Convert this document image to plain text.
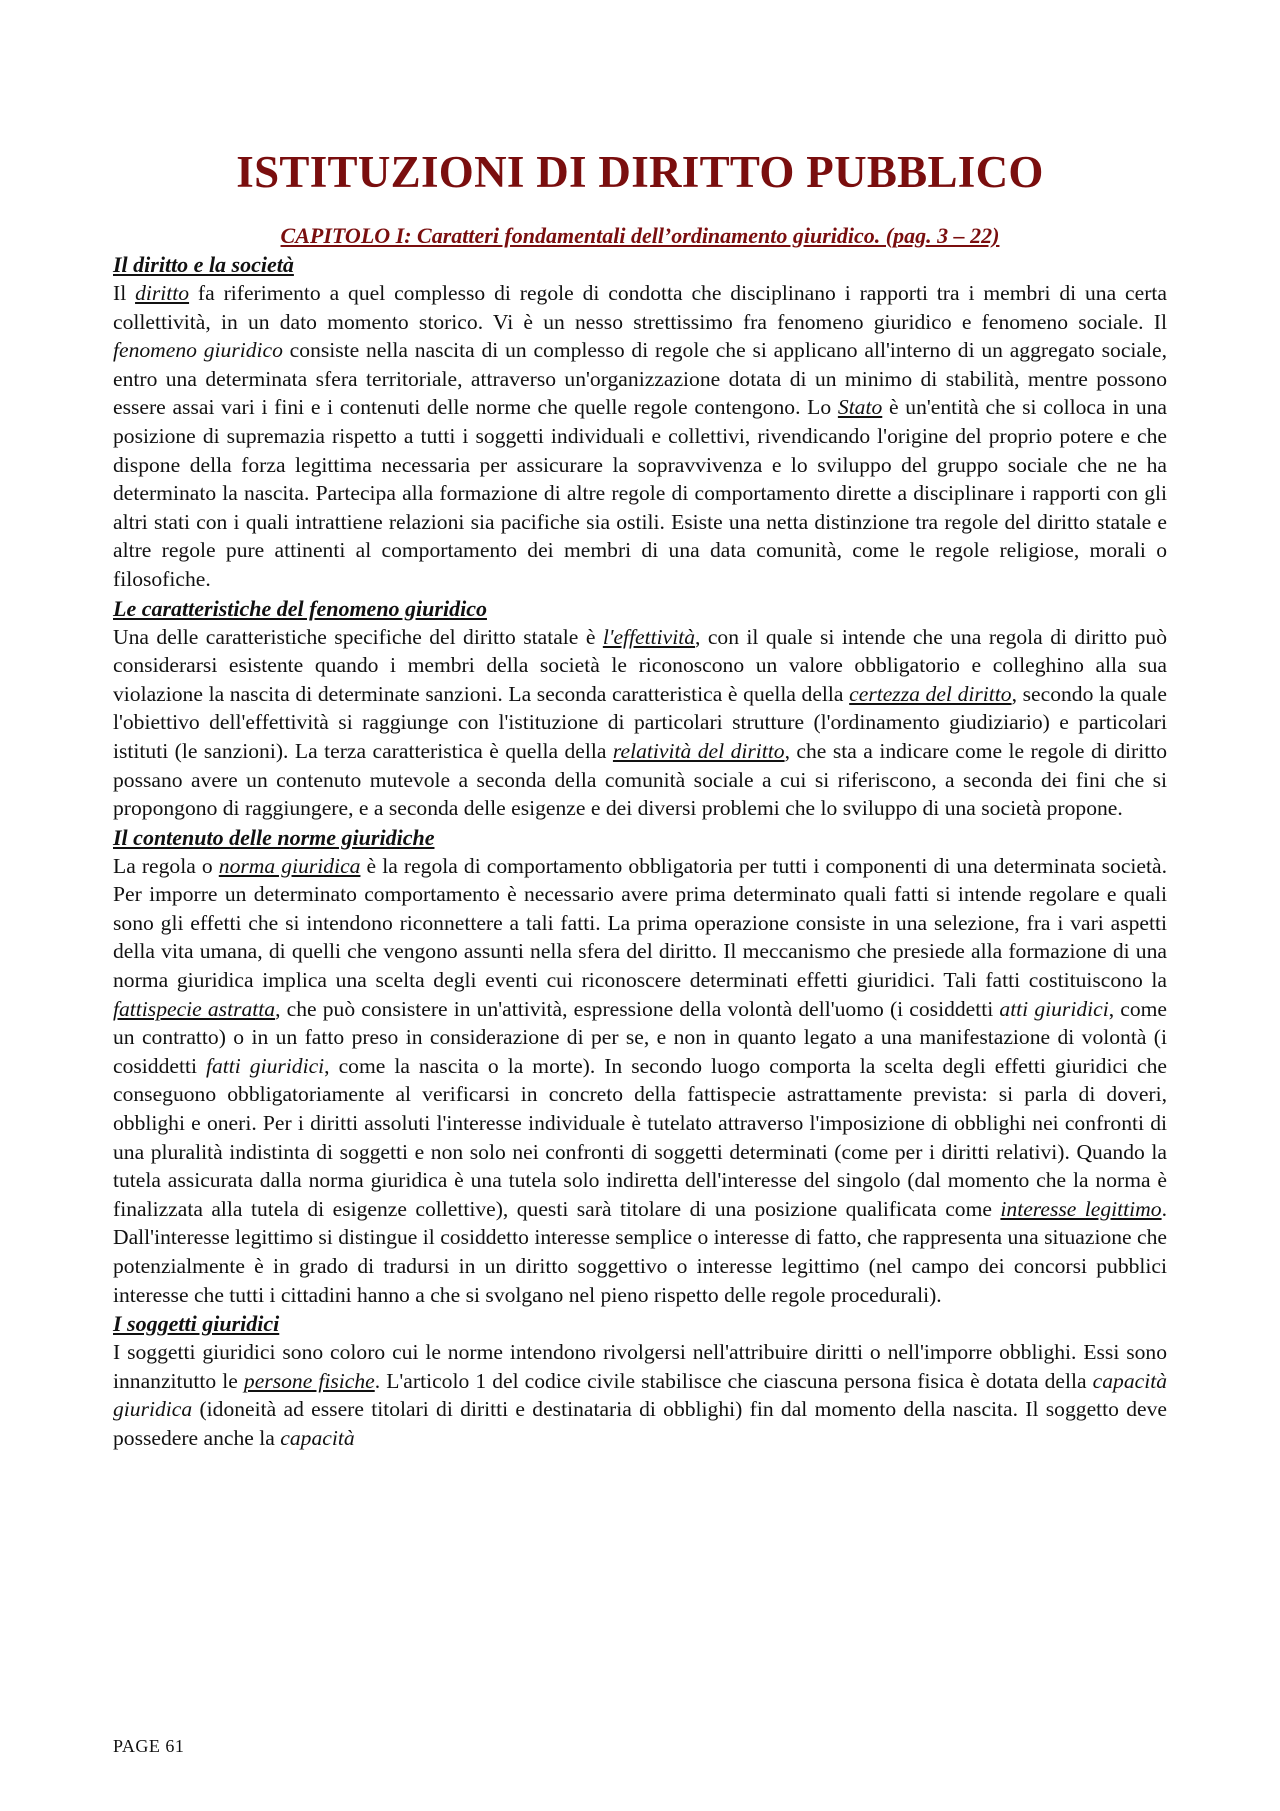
ISTITUZIONI DI DIRITTO PUBBLICO
CAPITOLO I: Caratteri fondamentali dell’ordinamento giuridico. (pag. 3 – 22)
Il diritto e la società

Il diritto fa riferimento a quel complesso di regole di condotta che disciplinano i rapporti tra i membri di una certa collettività, in un dato momento storico. Vi è un nesso strettissimo fra fenomeno giuridico e fenomeno sociale. Il fenomeno giuridico consiste nella nascita di un complesso di regole che si applicano all'interno di un aggregato sociale, entro una determinata sfera territoriale, attraverso un'organizzazione dotata di un minimo di stabilità, mentre possono essere assai vari i fini e i contenuti delle norme che quelle regole contengono. Lo Stato è un'entità che si colloca in una posizione di supremazia rispetto a tutti i soggetti individuali e collettivi, rivendicando l'origine del proprio potere e che dispone della forza legittima necessaria per assicurare la sopravvivenza e lo sviluppo del gruppo sociale che ne ha determinato la nascita. Partecipa alla formazione di altre regole di comportamento dirette a disciplinare i rapporti con gli altri stati con i quali intrattiene relazioni sia pacifiche sia ostili. Esiste una netta distinzione tra regole del diritto statale e altre regole pure attinenti al comportamento dei membri di una data comunità, come le regole religiose, morali o filosofiche.

Le caratteristiche del fenomeno giuridico

Una delle caratteristiche specifiche del diritto statale è l'effettività, con il quale si intende che una regola di diritto può considerarsi esistente quando i membri della società le riconoscono un valore obbligatorio e colleghino alla sua violazione la nascita di determinate sanzioni. La seconda caratteristica è quella della certezza del diritto, secondo la quale l'obiettivo dell'effettività si raggiunge con l'istituzione di particolari strutture (l'ordinamento giudiziario) e particolari istituti (le sanzioni). La terza caratteristica è quella della relatività del diritto, che sta a indicare come le regole di diritto possano avere un contenuto mutevole a seconda della comunità sociale a cui si riferiscono, a seconda dei fini che si propongono di raggiungere, e a seconda delle esigenze e dei diversi problemi che lo sviluppo di una società propone.

Il contenuto delle norme giuridiche

La regola o norma giuridica è la regola di comportamento obbligatoria per tutti i componenti di una determinata società. Per imporre un determinato comportamento è necessario avere prima determinato quali fatti si intende regolare e quali sono gli effetti che si intendono riconnettere a tali fatti. La prima operazione consiste in una selezione, fra i vari aspetti della vita umana, di quelli che vengono assunti nella sfera del diritto. Il meccanismo che presiede alla formazione di una norma giuridica implica una scelta degli eventi cui riconoscere determinati effetti giuridici. Tali fatti costituiscono la fattispecie astratta, che può consistere in un'attività, espressione della volontà dell'uomo (i cosiddetti atti giuridici, come un contratto) o in un fatto preso in considerazione di per se, e non in quanto legato a una manifestazione di volontà (i cosiddetti fatti giuridici, come la nascita o la morte). In secondo luogo comporta la scelta degli effetti giuridici che conseguono obbligatoriamente al verificarsi in concreto della fattispecie astrattamente prevista: si parla di doveri, obblighi e oneri. Per i diritti assoluti l'interesse individuale è tutelato attraverso l'imposizione di obblighi nei confronti di una pluralità indistinta di soggetti e non solo nei confronti di soggetti determinati (come per i diritti relativi). Quando la tutela assicurata dalla norma giuridica è una tutela solo indiretta dell'interesse del singolo (dal momento che la norma è finalizzata alla tutela di esigenze collettive), questi sarà titolare di una posizione qualificata come interesse legittimo. Dall'interesse legittimo si distingue il cosiddetto interesse semplice o interesse di fatto, che rappresenta una situazione che potenzialmente è in grado di tradursi in un diritto soggettivo o interesse legittimo (nel campo dei concorsi pubblici interesse che tutti i cittadini hanno a che si svolgano nel pieno rispetto delle regole procedurali).

I soggetti giuridici

I soggetti giuridici sono coloro cui le norme intendono rivolgersi nell'attribuire diritti o nell'imporre obblighi. Essi sono innanzitutto le persone fisiche. L'articolo 1 del codice civile stabilisce che ciascuna persona fisica è dotata della capacità giuridica (idoneità ad essere titolari di diritti e destinataria di obblighi) fin dal momento della nascita. Il soggetto deve possedere anche la capacità

PAGE 61
